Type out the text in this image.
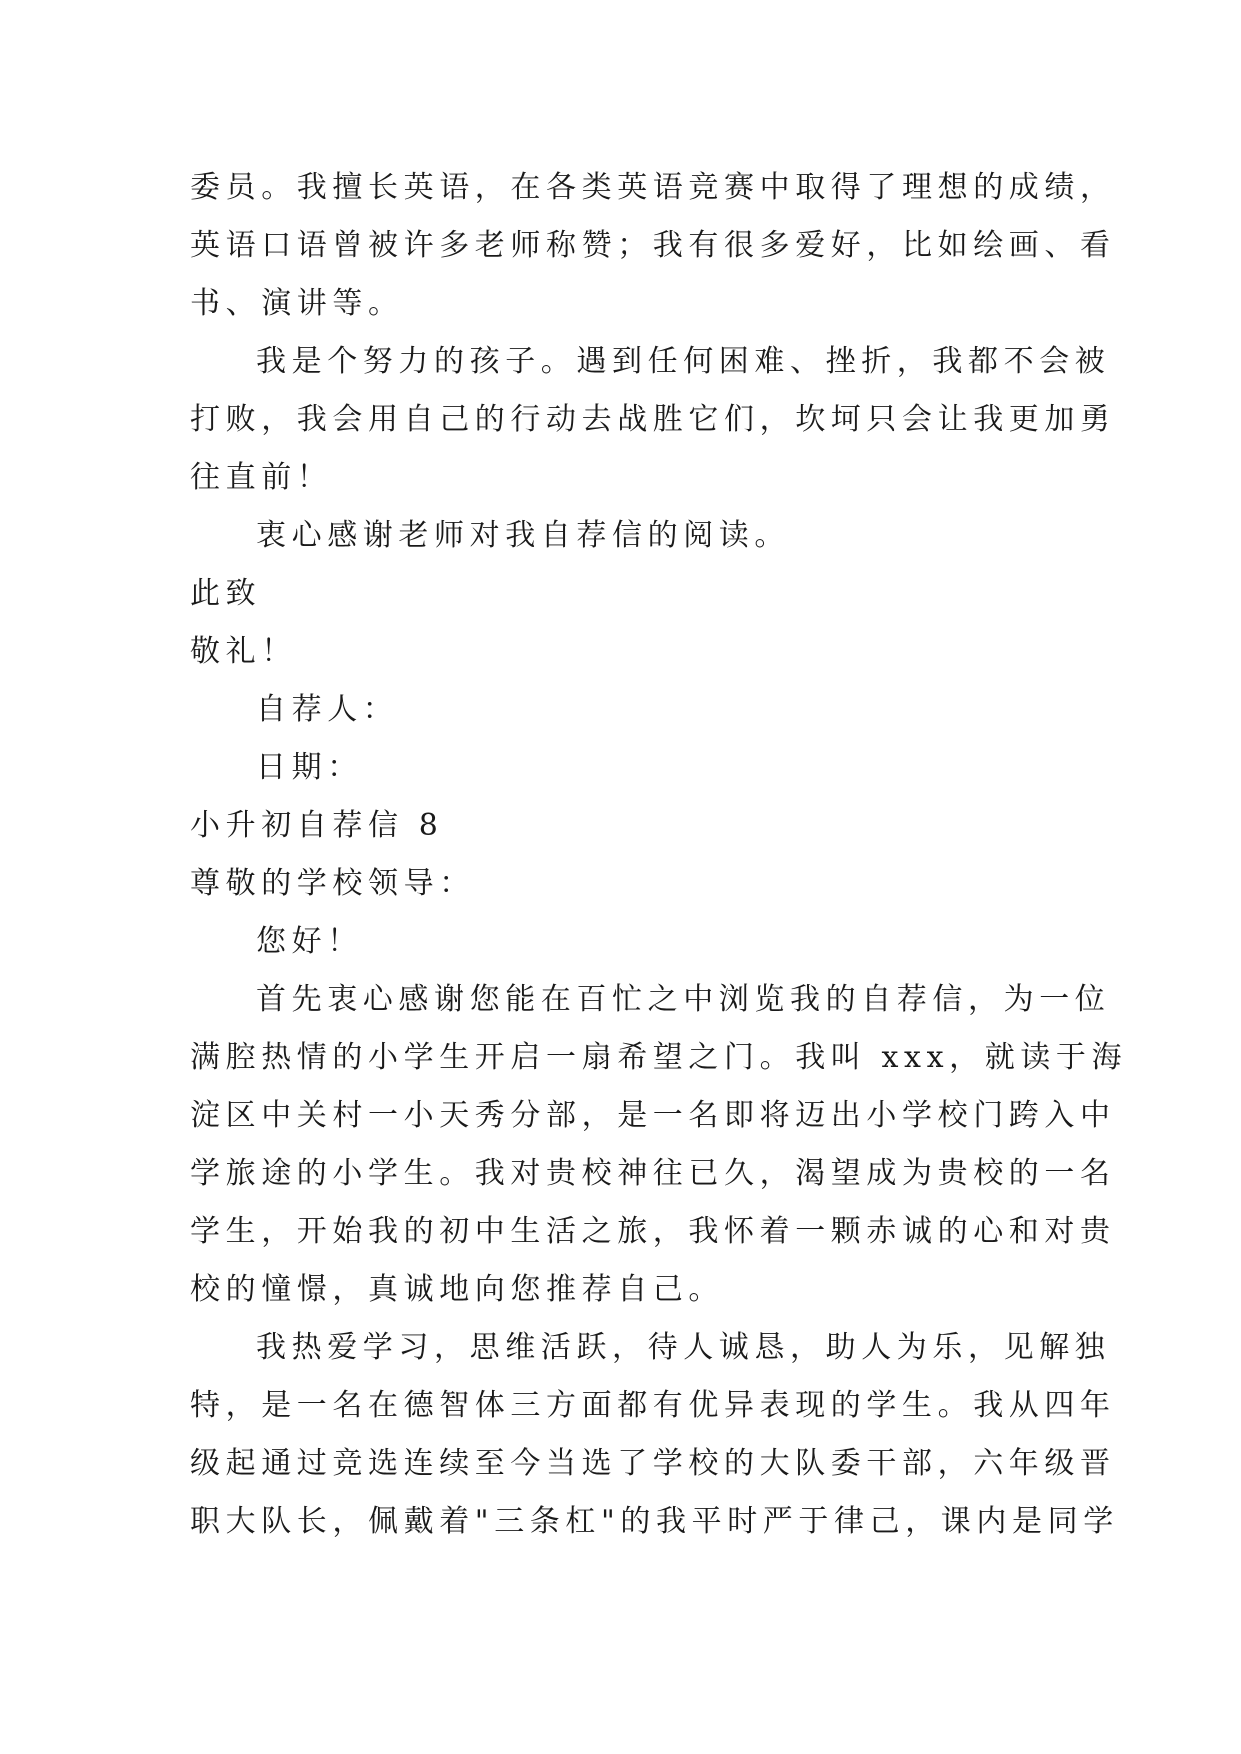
委员。我擅长英语，在各类英语竞赛中取得了理想的成绩，
英语口语曾被许多老师称赞；我有很多爱好，比如绘画、看
书、演讲等。
我是个努力的孩子。遇到任何困难、挫折，我都不会被
打败，我会用自己的行动去战胜它们，坎坷只会让我更加勇
往直前！
衷心感谢老师对我自荐信的阅读。
此致
敬礼！
自荐人：
日期：
小升初自荐信 8
尊敬的学校领导：
您好！
首先衷心感谢您能在百忙之中浏览我的自荐信，为一位
满腔热情的小学生开启一扇希望之门。我叫 xxx，就读于海
淀区中关村一小天秀分部，是一名即将迈出小学校门跨入中
学旅途的小学生。我对贵校神往已久，渴望成为贵校的一名
学生，开始我的初中生活之旅，我怀着一颗赤诚的心和对贵
校的憧憬，真诚地向您推荐自己。
我热爱学习，思维活跃，待人诚恳，助人为乐，见解独
特，是一名在德智体三方面都有优异表现的学生。我从四年
级起通过竞选连续至今当选了学校的大队委干部，六年级晋
职大队长，佩戴着"三条杠"的我平时严于律己，课内是同学
